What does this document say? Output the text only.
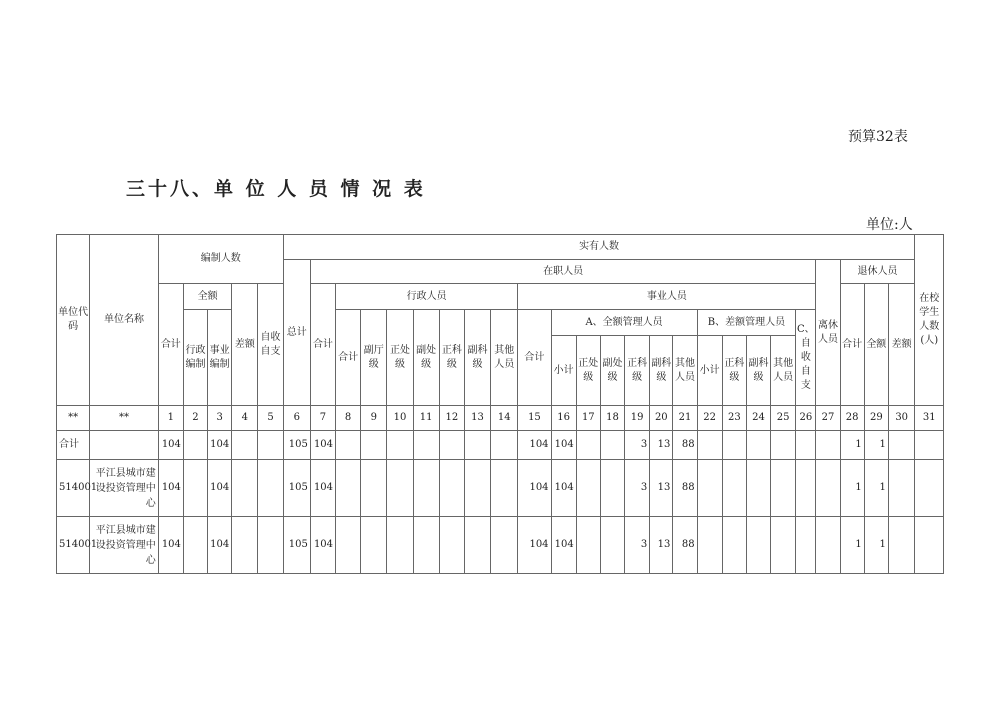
预算32表
三十八、单 位 人 员 情 况 表
单位:人
单位代码	单位名称	编制人数					实有人数																									在校学生人数(人)
							总计	在职人员																				离休人员	退休人员			
		合计	全额		差额	自收自支		合计	行政人员							事业人员													合计	全额	差额	
			行政编制	事业编制					合计	副厅级	正处级	副处级	正科级	副科级	其他人员	合计	A、全额管理人员						B、差额管理人员				C、自收自支					
																	小计	正处级	副处级	正科级	副科级	其他人员	小计	正科级	副科级	其他人员						

**	**	1	2	3	4	5	6	7	8	9	10	11	12	13	14	15	16	17	18	19	20	21	22	23	24	25	26	27	28	29	30	31
合计		104		104			105	104								104	104			3	13	88							1	1		
514001	平江县城市建设投资管理中心	104		104			105	104								104	104			3	13	88							1	1		
514001	平江县城市建设投资管理中心	104		104			105	104								104	104			3	13	88							1	1		
